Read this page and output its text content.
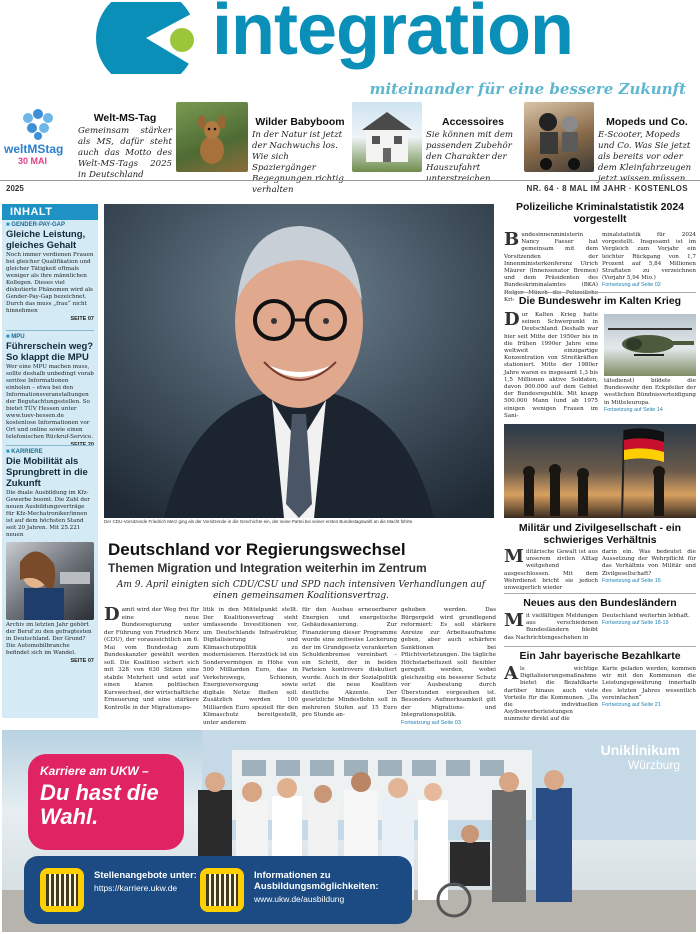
integration
miteinander für eine bessere Zukunft
weltMStag
30 MAI
Welt-MS-Tag
Gemeinsam stärker als MS, dafür steht auch das Motto des Welt-MS-Tags 2025 in Deutschland
Wilder Babyboom
In der Natur ist jetzt der Nachwuchs los. Wie sich Spaziergänger Begegnungen richtig verhalten
Accessoires
Sie können mit dem passenden Zubehör den Charakter der Hauszufahrt unterstreichen
Mopeds und Co.
E-Scooter, Mopeds und Co. Was Sie jetzt als bereits vor oder dem Kleinfahrzeugen jetzt wissen müssen
2025	NR. 64 · 8 MAL IM JAHR · KOSTENLOS
INHALT
■ GENDER-PAY-GAP
Gleiche Leistung, gleiches Gehalt
Noch immer verdienen Frauen bei gleicher Qualifikation und gleicher Tätigkeit oftmals weniger als ihre männlichen Kollegen. Dieses viel diskutierte Phänomen wird als Gender-Pay-Gap bezeichnet. Durch das muss „frau“ nicht hinnehmen
SEITE 07
■ MPU
Führerschein weg? So klappt die MPU
Wer eine MPU machen muss, sollte deshalb unbedingt vorab seriöse Informationen einholen – etwa bei den Informationsveranstaltungen der Begutachtungsstellen. So bietet TÜV Hessen unter www.tuev-hessen.de kostenlose Informationen vor Ort und online sowie einen telefonischen Rückruf-Service.
SEITE 20
■ KARRIERE
Die Mobilität als Sprungbrett in die Zukunft
Die duale Ausbildung im Kfz-Gewerbe boomt. Die Zahl der neuen Ausbildungsverträge für Kfz-Mechatroniker/innen ist auf dem höchsten Stand seit 20 Jahren. Mit 25.221 neuen
Archiv im letzten Jahr gehört der Beruf zu den gefragtesten in Deutschland. Der Grund? Die Automobilbranche befindet sich im Wandel.
SEITE 07
Der CDU-Vorsitzende Friedrich Merz ging als der Vorsitzende in die Geschichte ein, der seine Partei bei seiner ersten Bundestagswahl an die Macht führte.
Deutschland vor Regierungswechsel
Themen Migration und Integration weiterhin im Zentrum
Am 9. April einigten sich CDU/CSU und SPD nach intensiven Verhandlungen auf einen gemeinsamen Koalitionsvertrag.
Damit wird der Weg frei für eine neue Bundesregierung unter der Führung von Friedrich Merz (CDU), der voraussichtlich am 6. Mai vom Bundestag zum Bundeskanzler gewählt werden soll. Die Koalition sichert sich mit 328 von 630 Sitzen eine stabile Mehrheit und setzt auf einen klaren politischen Kurswechsel, der wirtschaftliche Erneuerung und eine stärkere Kontrolle in der Migrationspo-
litik in den Mittelpunkt stellt. Der Koalitionsvertrag sieht umfassende Investitionen vor, um Deutschlands Infrastruktur, Digitalisierung und Klimaschutzpolitik zu modernisieren. Herzstück ist ein Sondervermögen in Höhe von 500 Milliarden Euro, das in Verkehrswege, Schienen, Energieversorgung sowie digitale Netze fließen soll. Zusätzlich werden 100 Milliarden Euro speziell für den Klimaschutz bereitgestellt, unter anderem
für den Ausbau erneuerbarer Energien und energetische Gebäudesanierung. Zur Finanzierung dieser Programme wurde eine zeitweise Lockerung der im Grundgesetz verankerten Schuldenbremse vereinbart – ein Schritt, der in beiden Parteien kontrovers diskutiert wurde. Auch in der Sozialpolitik setzt die neue Koalition deutliche Akzente. Der gesetzliche Mindestlohn soll in mehreren Stufen auf 15 Euro pro Stunde an-
gehoben werden. Das Bürgergeld wird grundlegend reformiert: Es soll stärkere Anreize zur Arbeitsaufnahme geben, aber auch schärfere Sanktionen bei Pflichtverletzungen. Die tägliche Höchstarbeitszeit soll flexibler geregelt werden, wobei gleichzeitig ein besserer Schutz vor Ausbeutung durch Überstunden vorgesehen ist. Besonders Aufmerksamkeit gilt der Migrations- und Integrationspolitik.
Fortsetzung auf Seite 03
Polizeiliche Kriminalstatistik 2024 vorgestellt
Bundesinnenministerin Nancy Faeser hat gemeinsam mit dem Vorsitzenden der Innenministerkonferenz Ulrich Mäurer (Innensenator Bremen) und dem Präsidenten des Bundeskriminalamtes (BKA) Holger Münch die Polizeiliche Kri-
minalstatistik für 2024 vorgestellt. Insgesamt ist im Vergleich zum Vorjahr ein leichter Rückgang von 1,7 Prozent auf 5,84 Millionen Straftaten zu verzeichnen (Vorjahr 5,94 Mio.)
Fortsetzung auf Seite 02
Die Bundeswehr im Kalten Krieg
Dur Kalten Krieg hatte seinen Schwerpunkt in Deutschland. Deshalb war hier seit Mitte der 1950er bis in die frühen 1990er Jahre eine weltweit einzigartige Konzentration von Streitkräften stationiert. Mitte der 1980er Jahre waren es insgesamt 1,3 bis 1,5 Millionen aktive Soldaten, davon 900.000 auf dem Gebiet der Bundesrepublik. Mit knapp 500.000 Mann (und ab 1975 einigen wenigen Frauen im Sani-
tätsdienst) bildete die Bundeswehr den Eckpfeiler der westlichen Bündnisverteidigung in Mitteleuropa.
Fortsetzung auf Seite 14
Militär und Zivilgesellschaft - ein schwieriges Verhältnis
Militärische Gewalt ist aus unserem zivilen Alltag weitgehend ausgeschlossen. Mit dem Wehrdienst bricht sie jedoch unweigerlich wieder
darin ein. Was bedeutet die Aussetzung der Wehrpflicht für das Verhältnis von Militär und Zivilgesellschaft?
Fortsetzung auf Seite 15
Neues aus den Bundesländern
Mit vielfältigen Meldungen aus verschiedenen Bundesländern bleibt das Nachrichtengeschehen in
Deutschland weiterhin lebhaft.
Fortsetzung auf Seite 18-19
Ein Jahr bayerische Bezahlkarte
Als wichtige Digitalisierungsmaßnahme bietet die Bezahlkarte darüber hinaus auch viele Vorteile für die Kommunen. „Da die individuellen Asylbewerberleistungen nunmehr direkt auf die
Karte geladen werden, kommen wir mit den Kommunen die Leistungsgewährung innerhalb des letzten Jahres wesentlich vereinfachen“
Fortsetzung auf Seite 21
Karriere am UKW –
Du hast die Wahl.
Stellenangebote unter:
https://karriere.ukw.de
Informationen zu Ausbildungsmöglichkeiten:
www.ukw.de/ausbildung
Uniklinikum
Würzburg
